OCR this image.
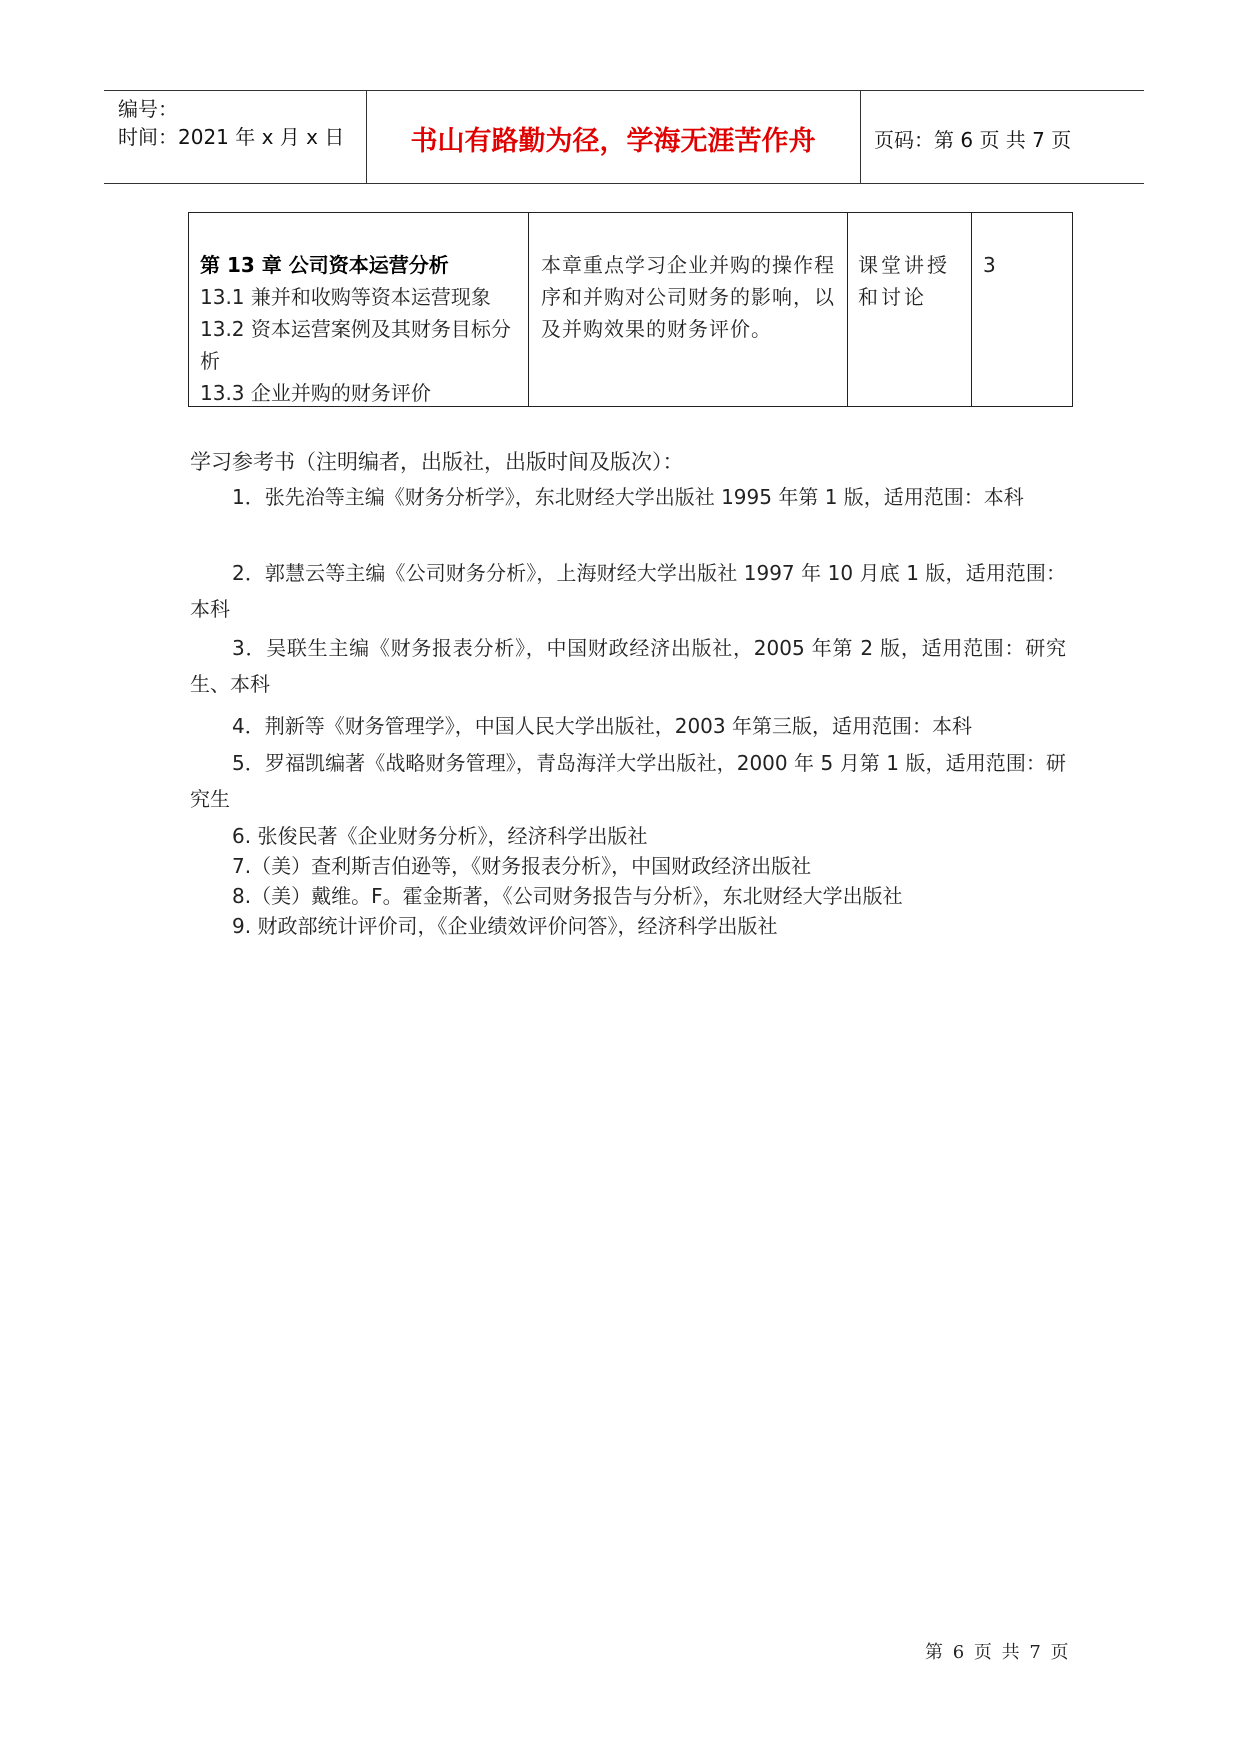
编号：
时间：2021 年 x 月 x 日	书山有路勤为径，学海无涯苦作舟	页码：第 6 页 共 7 页
第 13 章 公司资本运营分析
13.1 兼并和收购等资本运营现象
13.2 资本运营案例及其财务目标分析
13.3 企业并购的财务评价
本章重点学习企业并购的操作程序和并购对公司财务的影响，以及并购效果的财务评价。
课堂讲授和讨论
3
学习参考书（注明编者，出版社，出版时间及版次）：
1．张先治等主编《财务分析学》，东北财经大学出版社 1995 年第 1 版，适用范围：本科
2．郭慧云等主编《公司财务分析》，上海财经大学出版社 1997 年 10 月底 1 版，适用范围：本科
3．吴联生主编《财务报表分析》，中国财政经济出版社，2005 年第 2 版，适用范围：研究生、本科
4．荆新等《财务管理学》，中国人民大学出版社，2003 年第三版，适用范围：本科
5．罗福凯编著《战略财务管理》，青岛海洋大学出版社，2000 年 5 月第 1 版，适用范围：研究生
6. 张俊民著《企业财务分析》，经济科学出版社
7.（美）查利斯吉伯逊等，《财务报表分析》，中国财政经济出版社
8.（美）戴维。F。霍金斯著，《公司财务报告与分析》，东北财经大学出版社
9. 财政部统计评价司，《企业绩效评价问答》，经济科学出版社
第 6 页 共 7 页
